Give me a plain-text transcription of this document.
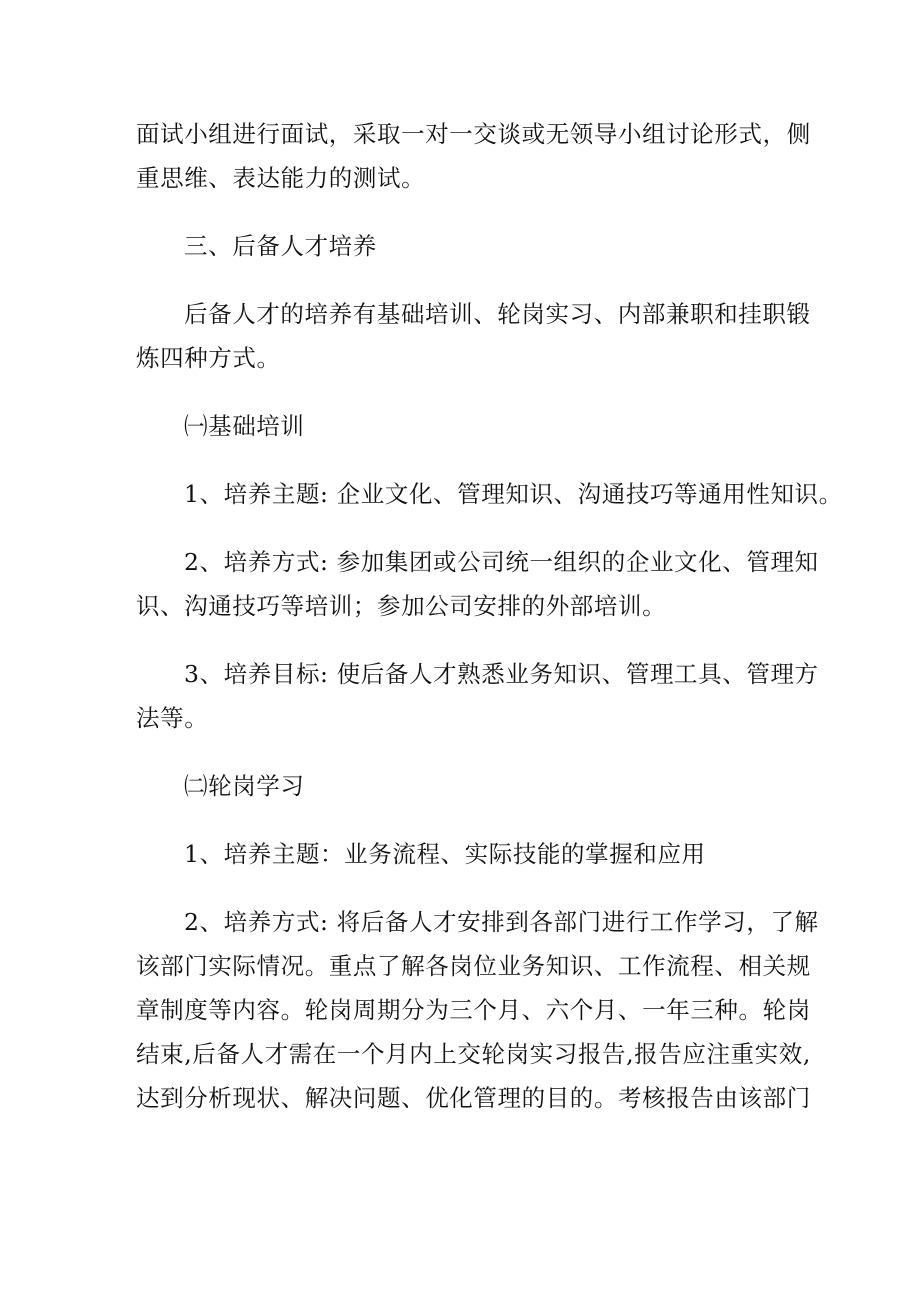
面试小组进行面试，采取一对一交谈或无领导小组讨论形式，侧
重思维、表达能力的测试。

三、后备人才培养

后备人才的培养有基础培训、轮岗实习、内部兼职和挂职锻
炼四种方式。

㈠基础培训

1、培养主题: 企业文化、管理知识、沟通技巧等通用性知识。

2、培养方式: 参加集团或公司统一组织的企业文化、管理知
识、沟通技巧等培训；参加公司安排的外部培训。

3、培养目标: 使后备人才熟悉业务知识、管理工具、管理方
法等。

㈡轮岗学习

1、培养主题：业务流程、实际技能的掌握和应用

2、培养方式: 将后备人才安排到各部门进行工作学习，了解
该部门实际情况。重点了解各岗位业务知识、工作流程、相关规
章制度等内容。轮岗周期分为三个月、六个月、一年三种。轮岗
结束,后备人才需在一个月内上交轮岗实习报告,报告应注重实效,
达到分析现状、解决问题、优化管理的目的。考核报告由该部门
